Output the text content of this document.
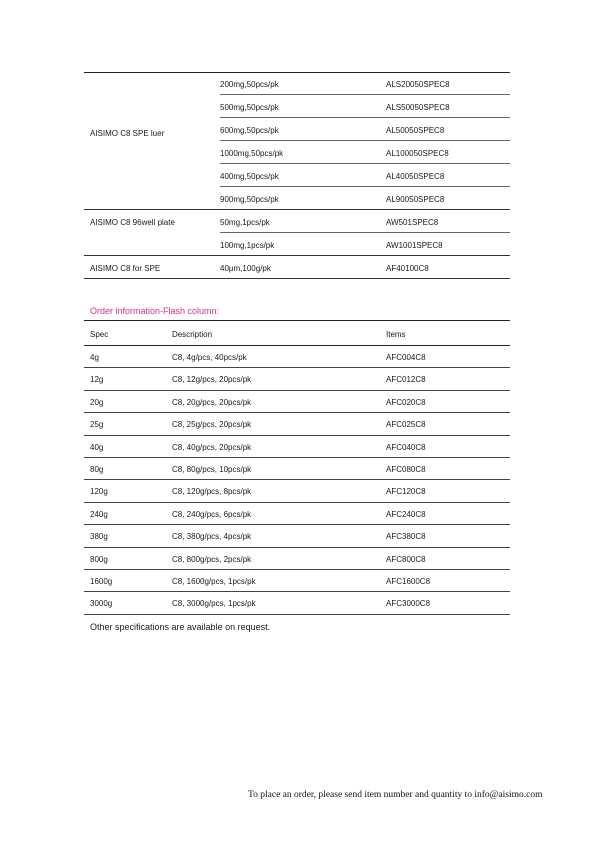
AISIMO C8 SPE luer
200mg,50pcs/pk	ALS20050SPEC8
500mg,50pcs/pk	ALS50050SPEC8
600mg,50pcs/pk	AL50050SPEC8
1000mg,50pcs/pk	AL100050SPEC8
400mg,50pcs/pk	AL40050SPEC8
900mg,50pcs/pk	AL90050SPEC8
AISIMO C8 96well plate	50mg,1pcs/pk	AW501SPEC8
100mg,1pcs/pk	AW1001SPEC8
AISIMO C8 for SPE	40μm,100g/pk	AF40100C8
Order information-Flash column:
Spec	Description	Items
4g	C8, 4g/pcs, 40pcs/pk	AFC004C8
12g	C8, 12g/pcs, 20pcs/pk	AFC012C8
20g	C8, 20g/pcs, 20pcs/pk	AFC020C8
25g	C8, 25g/pcs, 20pcs/pk	AFC025C8
40g	C8, 40g/pcs, 20pcs/pk	AFC040C8
80g	C8, 80g/pcs, 10pcs/pk	AFC080C8
120g	C8, 120g/pcs, 8pcs/pk	AFC120C8
240g	C8, 240g/pcs, 6pcs/pk	AFC240C8
380g	C8, 380g/pcs, 4pcs/pk	AFC380C8
800g	C8, 800g/pcs, 2pcs/pk	AFC800C8
1600g	C8, 1600g/pcs, 1pcs/pk	AFC1600C8
3000g	C8, 3000g/pcs, 1pcs/pk	AFC3000C8
Other specifications are available on request.
To place an order, please send item number and quantity to info@aisimo.com
